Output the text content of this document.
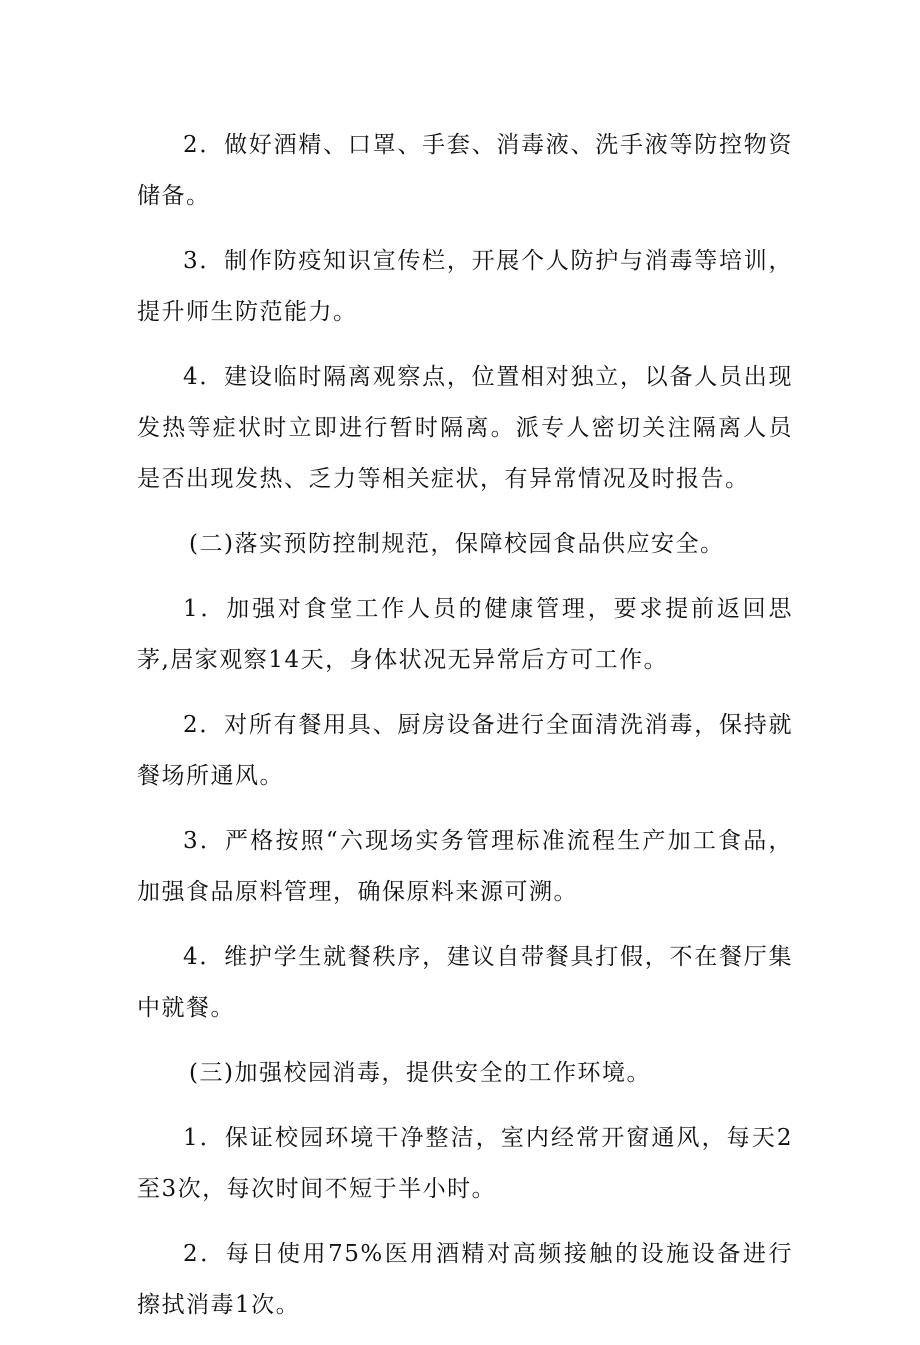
2．做好酒精、口罩、手套、消毒液、洗手液等防控物资储备。

3．制作防疫知识宣传栏，开展个人防护与消毒等培训，提升师生防范能力。

4．建设临时隔离观察点，位置相对独立，以备人员出现发热等症状时立即进行暂时隔离。派专人密切关注隔离人员是否出现发热、乏力等相关症状，有异常情况及时报告。

(二)落实预防控制规范，保障校园食品供应安全。

1．加强对食堂工作人员的健康管理，要求提前返回思茅,居家观察14天，身体状况无异常后方可工作。

2．对所有餐用具、厨房设备进行全面清洗消毒，保持就餐场所通风。

3．严格按照“六现场实务管理标准流程生产加工食品，加强食品原料管理，确保原料来源可溯。

4．维护学生就餐秩序，建议自带餐具打假，不在餐厅集中就餐。

(三)加强校园消毒，提供安全的工作环境。

1．保证校园环境干净整洁，室内经常开窗通风，每天2至3次，每次时间不短于半小时。

2．每日使用75%医用酒精对高频接触的设施设备进行擦拭消毒1次。
